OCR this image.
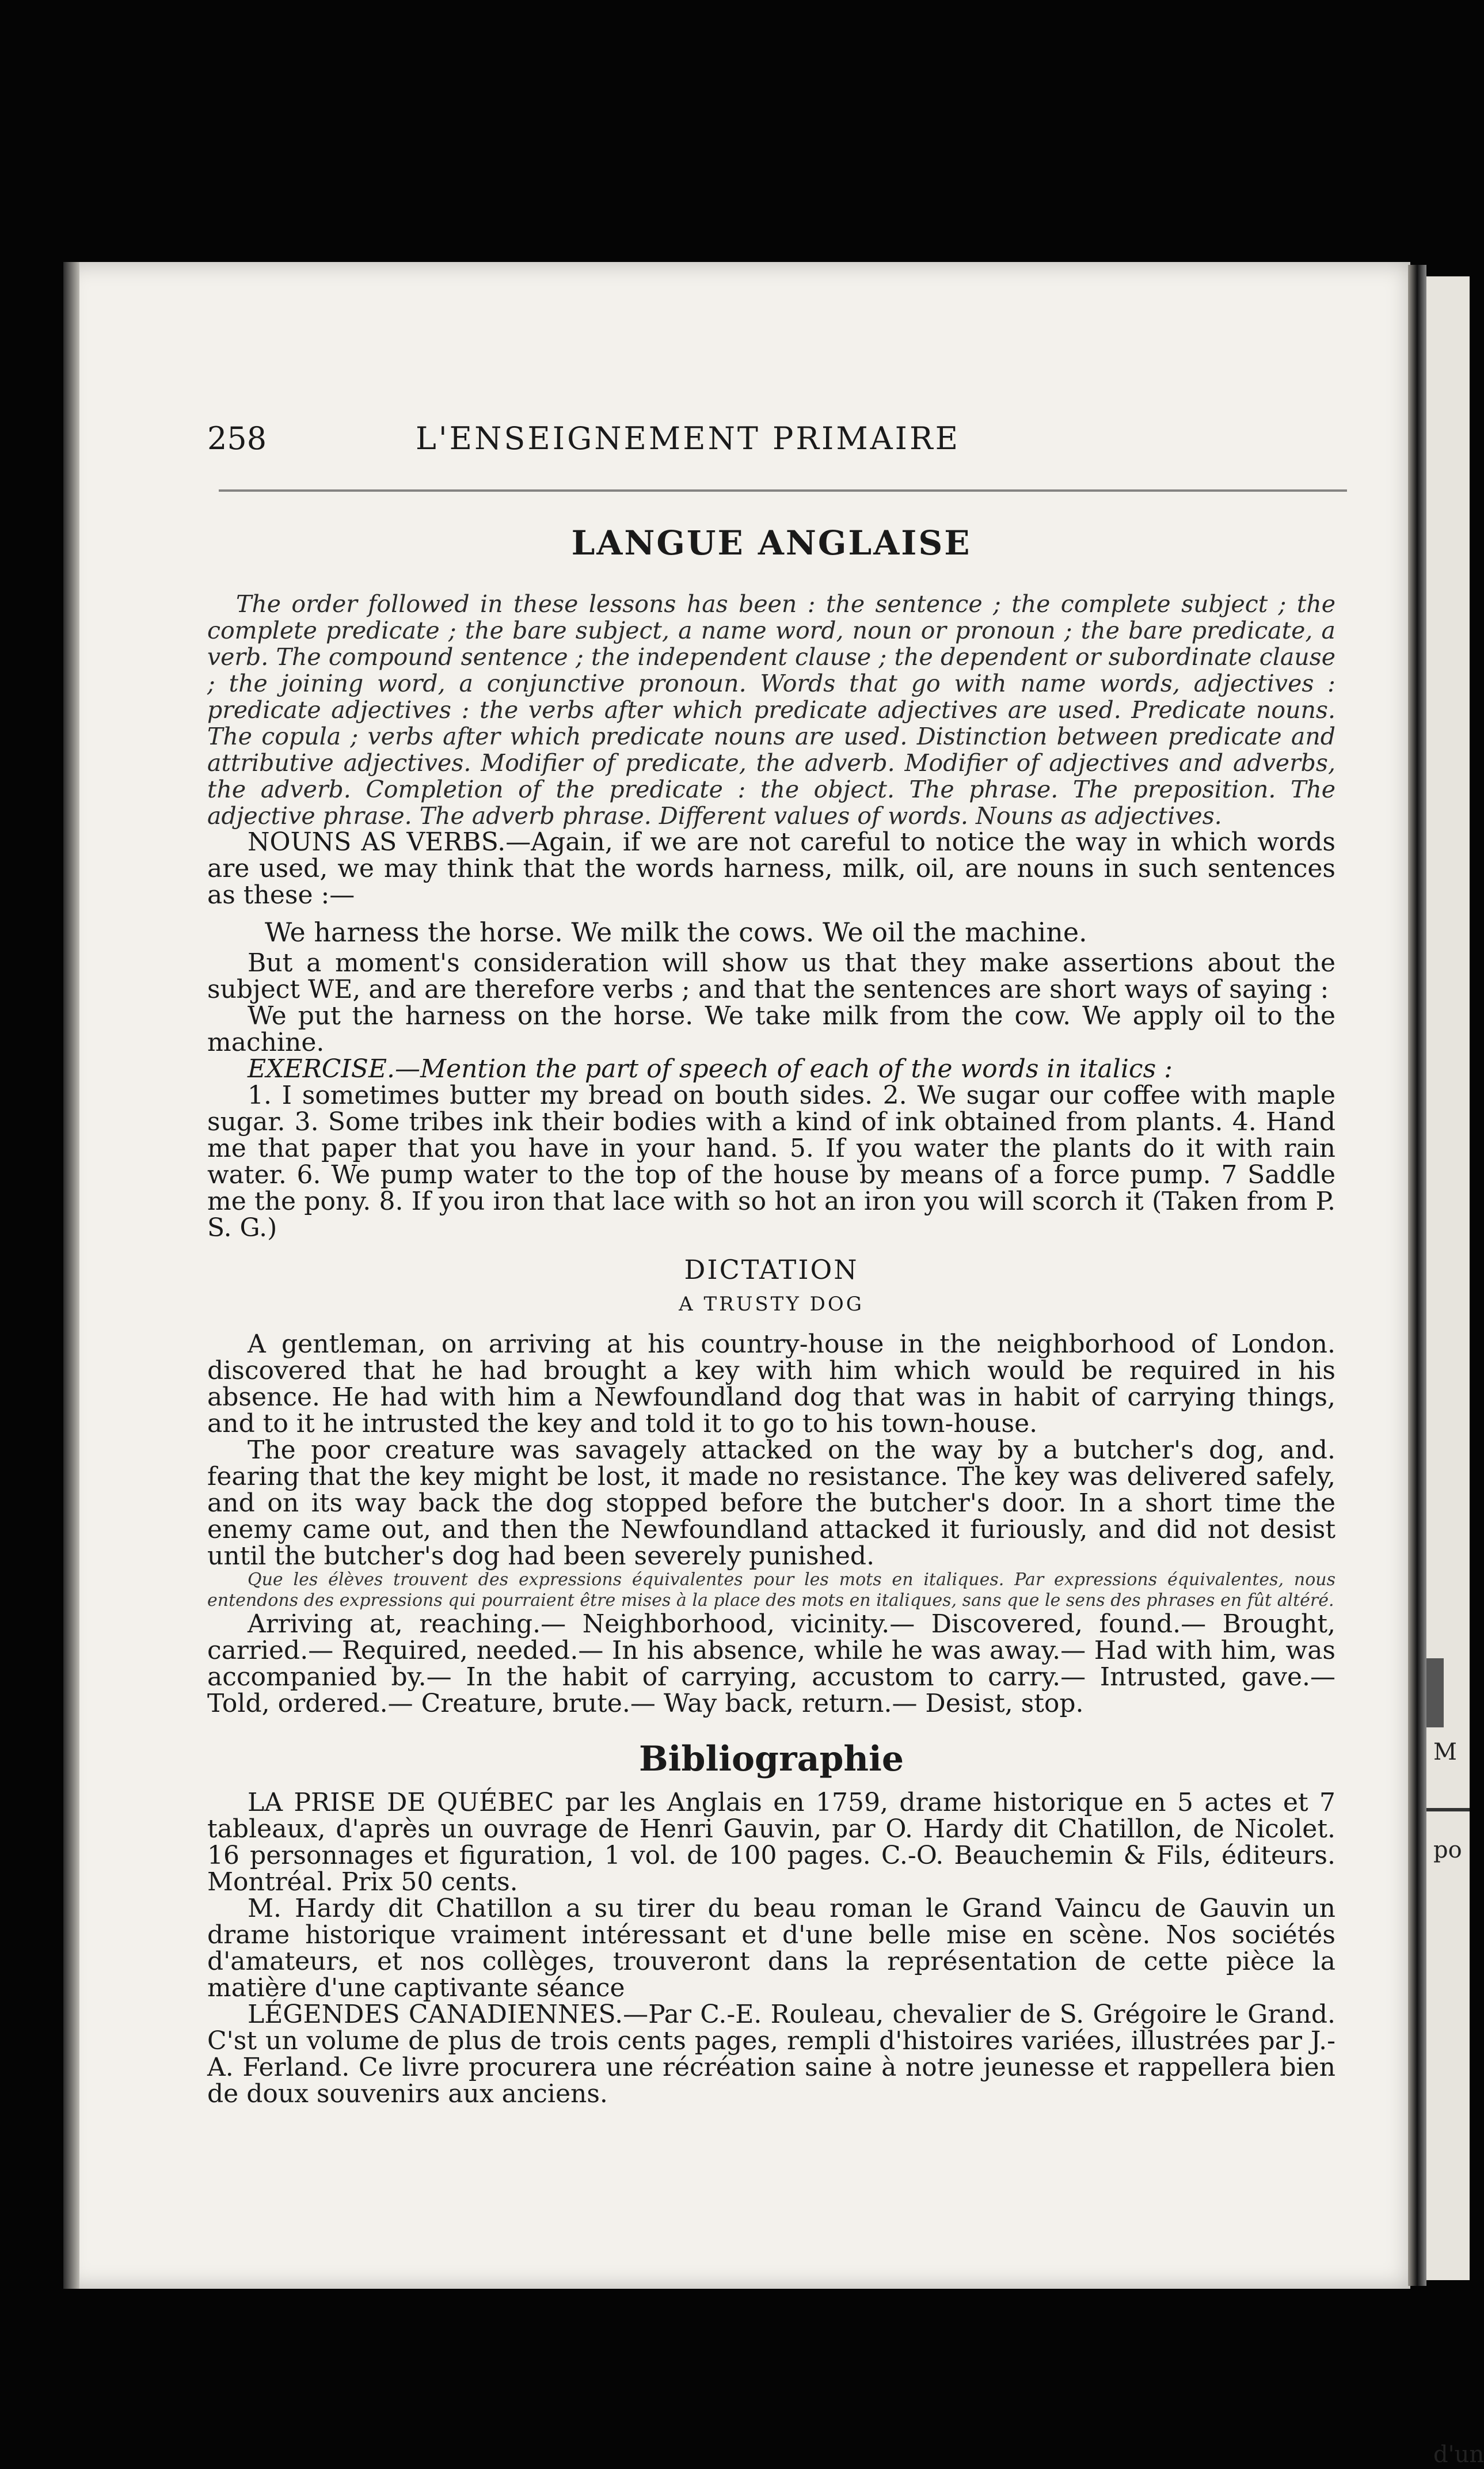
M
po
d'un
258	L'ENSEIGNEMENT PRIMAIRE
LANGUE ANGLAISE

The order followed in these lessons has been : the sentence ; the complete subject ; the complete predicate ; the bare subject, a name word, noun or pronoun ; the bare predicate, a verb. The compound sentence ; the independent clause ; the dependent or subordinate clause ; the joining word, a conjunctive pronoun. Words that go with name words, adjectives : predicate adjectives : the verbs after which predicate adjectives are used. Predicate nouns. The copula ; verbs after which predicate nouns are used. Distinction between predicate and attributive adjectives. Modifier of predicate, the adverb. Modifier of adjectives and adverbs, the adverb. Completion of the predicate : the object. The phrase. The preposition. The adjective phrase. The adverb phrase. Different values of words. Nouns as adjectives.

NOUNS AS VERBS.—Again, if we are not careful to notice the way in which words are used, we may think that the words harness, milk, oil, are nouns in such sentences as these :—

We harness the horse. We milk the cows. We oil the machine.

But a moment's consideration will show us that they make assertions about the subject WE, and are therefore verbs ; and that the sentences are short ways of saying :

We put the harness on the horse. We take milk from the cow. We apply oil to the machine.

EXERCISE.—Mention the part of speech of each of the words in italics :

1. I sometimes butter my bread on bouth sides. 2. We sugar our coffee with maple sugar. 3. Some tribes ink their bodies with a kind of ink obtained from plants. 4. Hand me that paper that you have in your hand. 5. If you water the plants do it with rain water. 6. We pump water to the top of the house by means of a force pump. 7 Saddle me the pony. 8. If you iron that lace with so hot an iron you will scorch it (Taken from P. S. G.)

DICTATION
A TRUSTY DOG

A gentleman, on arriving at his country-house in the neighborhood of London. discovered that he had brought a key with him which would be required in his absence. He had with him a Newfoundland dog that was in habit of carrying things, and to it he intrusted the key and told it to go to his town-house.

The poor creature was savagely attacked on the way by a butcher's dog, and. fearing that the key might be lost, it made no resistance. The key was delivered safely, and on its way back the dog stopped before the butcher's door. In a short time the enemy came out, and then the Newfoundland attacked it furiously, and did not desist until the butcher's dog had been severely punished.

Que les élèves trouvent des expressions équivalentes pour les mots en italiques. Par expressions équivalentes, nous entendons des expressions qui pourraient être mises à la place des mots en italiques, sans que le sens des phrases en fût altéré.

Arriving at, reaching.— Neighborhood, vicinity.— Discovered, found.— Brought, carried.— Required, needed.— In his absence, while he was away.— Had with him, was accompanied by.— In the habit of carrying, accustom to carry.— Intrusted, gave.— Told, ordered.— Creature, brute.— Way back, return.— Desist, stop.

Bibliographie

LA PRISE DE QUÉBEC par les Anglais en 1759, drame historique en 5 actes et 7 tableaux, d'après un ouvrage de Henri Gauvin, par O. Hardy dit Chatillon, de Nicolet. 16 personnages et figuration, 1 vol. de 100 pages. C.-O. Beauchemin & Fils, éditeurs. Montréal. Prix 50 cents.

M. Hardy dit Chatillon a su tirer du beau roman le Grand Vaincu de Gauvin un drame historique vraiment intéressant et d'une belle mise en scène. Nos sociétés d'amateurs, et nos collèges, trouveront dans la représentation de cette pièce la matière d'une captivante séance

LÉGENDES CANADIENNES.—Par C.-E. Rouleau, chevalier de S. Grégoire le Grand. C'st un volume de plus de trois cents pages, rempli d'histoires variées, illustrées par J.-A. Ferland. Ce livre procurera une récréation saine à notre jeunesse et rappellera bien de doux souvenirs aux anciens.
